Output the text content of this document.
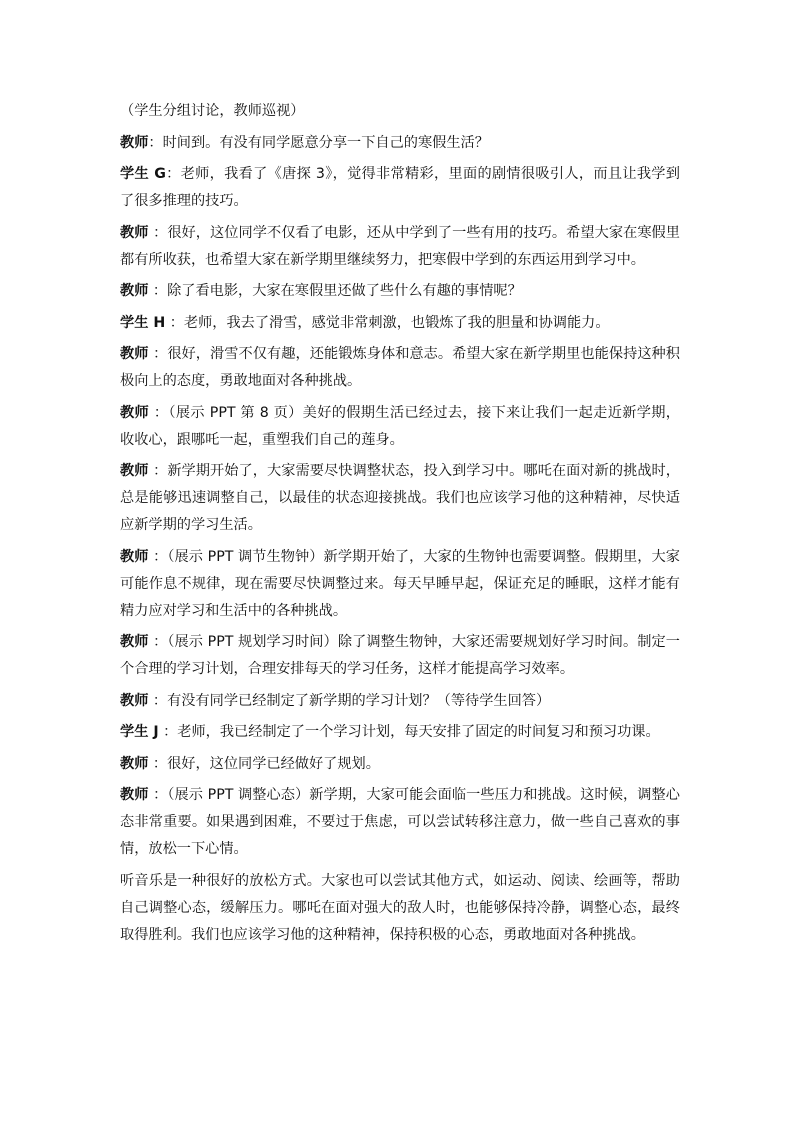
（学生分组讨论，教师巡视）

教师：时间到。有没有同学愿意分享一下自己的寒假生活？

学生 G：老师，我看了《唐探 3》，觉得非常精彩，里面的剧情很吸引人，而且让我学到了很多推理的技巧。

教师 ：很好，这位同学不仅看了电影，还从中学到了一些有用的技巧。希望大家在寒假里都有所收获，也希望大家在新学期里继续努力，把寒假中学到的东西运用到学习中。

教师 ：除了看电影，大家在寒假里还做了些什么有趣的事情呢？

学生 H ：老师，我去了滑雪，感觉非常刺激，也锻炼了我的胆量和协调能力。

教师 ：很好，滑雪不仅有趣，还能锻炼身体和意志。希望大家在新学期里也能保持这种积极向上的态度，勇敢地面对各种挑战。

教师 ：（展示 PPT 第 8 页）美好的假期生活已经过去，接下来让我们一起走近新学期，收收心，跟哪吒一起，重塑我们自己的莲身。

教师 ：新学期开始了，大家需要尽快调整状态，投入到学习中。哪吒在面对新的挑战时，总是能够迅速调整自己，以最佳的状态迎接挑战。我们也应该学习他的这种精神，尽快适应新学期的学习生活。

教师 ：（展示 PPT 调节生物钟）新学期开始了，大家的生物钟也需要调整。假期里，大家可能作息不规律，现在需要尽快调整过来。每天早睡早起，保证充足的睡眠，这样才能有精力应对学习和生活中的各种挑战。

教师 ：（展示 PPT 规划学习时间）除了调整生物钟，大家还需要规划好学习时间。制定一个合理的学习计划，合理安排每天的学习任务，这样才能提高学习效率。

教师 ：有没有同学已经制定了新学期的学习计划？（等待学生回答）

学生 J ：老师，我已经制定了一个学习计划，每天安排了固定的时间复习和预习功课。

教师 ：很好，这位同学已经做好了规划。

教师 ：（展示 PPT 调整心态）新学期，大家可能会面临一些压力和挑战。这时候，调整心态非常重要。如果遇到困难，不要过于焦虑，可以尝试转移注意力，做一些自己喜欢的事情，放松一下心情。

听音乐是一种很好的放松方式。大家也可以尝试其他方式，如运动、阅读、绘画等，帮助自己调整心态，缓解压力。哪吒在面对强大的敌人时，也能够保持冷静，调整心态，最终取得胜利。我们也应该学习他的这种精神，保持积极的心态，勇敢地面对各种挑战。
